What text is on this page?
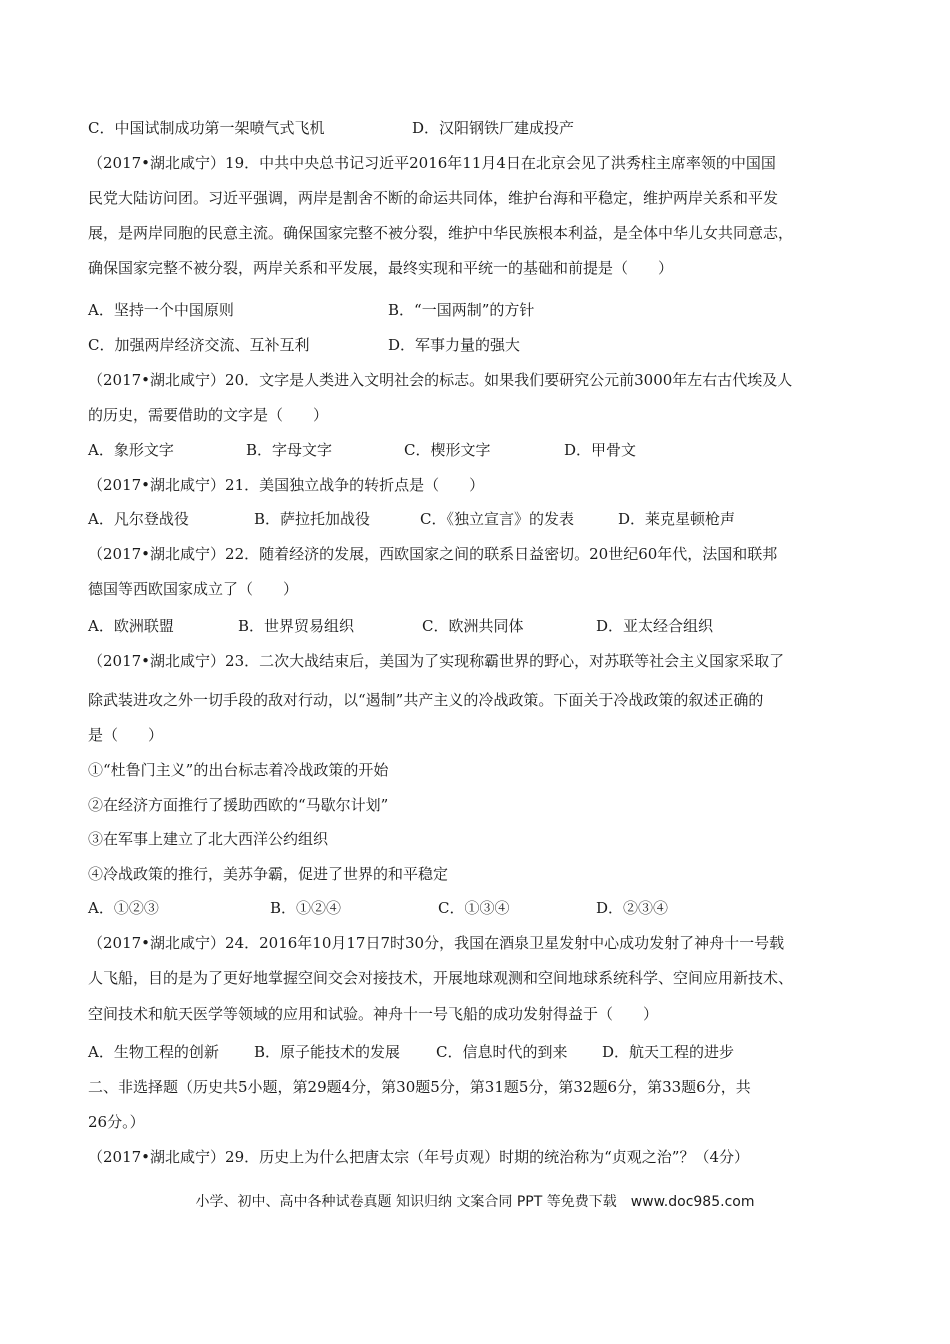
C．中国试制成功第一架喷气式飞机	D．汉阳钢铁厂建成投产
（2017•湖北咸宁）19．中共中央总书记习近平2016年11月4日在北京会见了洪秀柱主席率领的中国国
民党大陆访问团。习近平强调，两岸是割舍不断的命运共同体，维护台海和平稳定，维护两岸关系和平发
展，是两岸同胞的民意主流。确保国家完整不被分裂，维护中华民族根本利益，是全体中华儿女共同意志，
确保国家完整不被分裂，两岸关系和平发展，最终实现和平统一的基础和前提是（　　）
A．坚持一个中国原则	B．“一国两制”的方针
C．加强两岸经济交流、互补互利	D．军事力量的强大
（2017•湖北咸宁）20．文字是人类进入文明社会的标志。如果我们要研究公元前3000年左右古代埃及人
的历史，需要借助的文字是（　　）
A．象形文字	B．字母文字	C．楔形文字	D．甲骨文
（2017•湖北咸宁）21．美国独立战争的转折点是（　　）
A．凡尔登战役	B．萨拉托加战役	C．《独立宣言》的发表	D．莱克星顿枪声
（2017•湖北咸宁）22．随着经济的发展，西欧国家之间的联系日益密切。20世纪60年代，法国和联邦
德国等西欧国家成立了（　　）
A．欧洲联盟	B．世界贸易组织	C．欧洲共同体	D．亚太经合组织
（2017•湖北咸宁）23．二次大战结束后，美国为了实现称霸世界的野心，对苏联等社会主义国家采取了
除武装进攻之外一切手段的敌对行动，以“遏制”共产主义的冷战政策。下面关于冷战政策的叙述正确的
是（　　）
①“杜鲁门主义”的出台标志着冷战政策的开始
②在经济方面推行了援助西欧的“马歇尔计划”
③在军事上建立了北大西洋公约组织
④冷战政策的推行，美苏争霸，促进了世界的和平稳定
A．①②③	B．①②④	C．①③④	D．②③④
（2017•湖北咸宁）24．2016年10月17日7时30分，我国在酒泉卫星发射中心成功发射了神舟十一号载
人飞船，目的是为了更好地掌握空间交会对接技术，开展地球观测和空间地球系统科学、空间应用新技术、
空间技术和航天医学等领域的应用和试验。神舟十一号飞船的成功发射得益于（　　）
A．生物工程的创新 B．原子能技术的发展 C．信息时代的到来 D．航天工程的进步
二、非选择题（历史共5小题，第29题4分，第30题5分，第31题5分，第32题6分，第33题6分，共
26分。）
（2017•湖北咸宁）29．历史上为什么把唐太宗（年号贞观）时期的统治称为“贞观之治”？（4分）
小学、初中、高中各种试卷真题 知识归纳 文案合同 PPT 等免费下载　www.doc985.com
